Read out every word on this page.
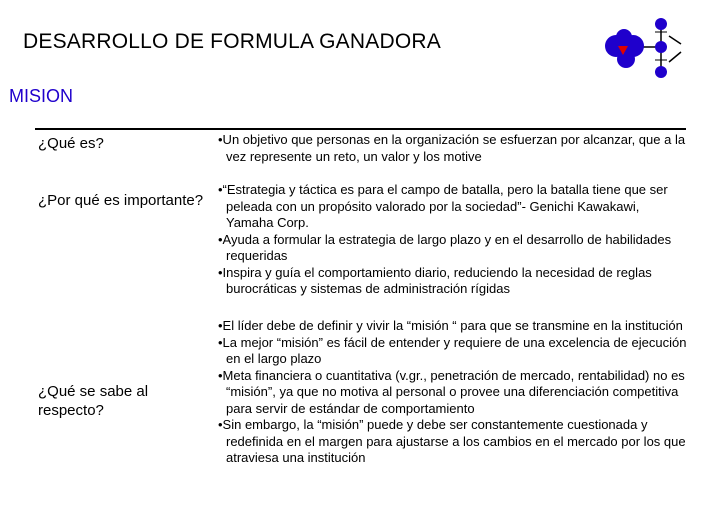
DESARROLLO DE FORMULA GANADORA
MISION
¿Qué es?	•Un objetivo que personas en la organización se esfuerzan por alcanzar, que a la vez represente un reto, un valor y los motive

¿Por qué es importante?

•“Estrategia y táctica es para el campo de batalla, pero la batalla tiene que ser peleada con un propósito valorado por la sociedad”- Genichi Kawakawi, Yamaha Corp.

•Ayuda a formular la estrategia de largo plazo y en el desarrollo de habilidades requeridas

•Inspira y guía el comportamiento diario, reduciendo la necesidad de reglas burocráticas y sistemas de administración rígidas

¿Qué se sabe al respecto?

•El líder debe de definir y vivir la “misión “ para que se transmine en la institución

•La mejor “misión” es fácil de entender y requiere de una excelencia de ejecución en el largo plazo

•Meta financiera o cuantitativa (v.gr., penetración de mercado, rentabilidad) no es “misión”, ya que no motiva al personal o provee una diferenciación competitiva para servir de estándar de comportamiento

•Sin embargo, la “misión” puede y debe ser constantemente cuestionada y redefinida en el margen para ajustarse a los cambios en el mercado por los que atraviesa una institución
